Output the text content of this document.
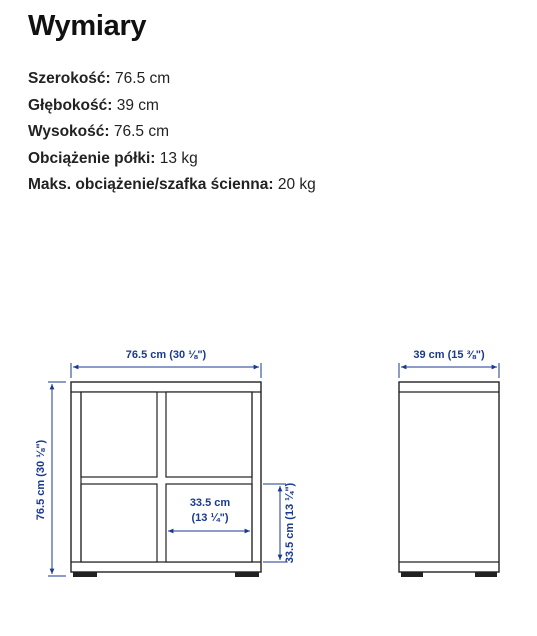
Wymiary
Szerokość: 76.5 cm
Głębokość: 39 cm
Wysokość: 76.5 cm
Obciążenie półki: 13 kg
Maks. obciążenie/szafka ścienna: 20 kg
76.5 cm (30 ⅛")
76.5 cm (30 ⅛")	33.5 cm
(13 ¼")	33.5 cm (13 ¼")
39 cm (15 ⅜")
